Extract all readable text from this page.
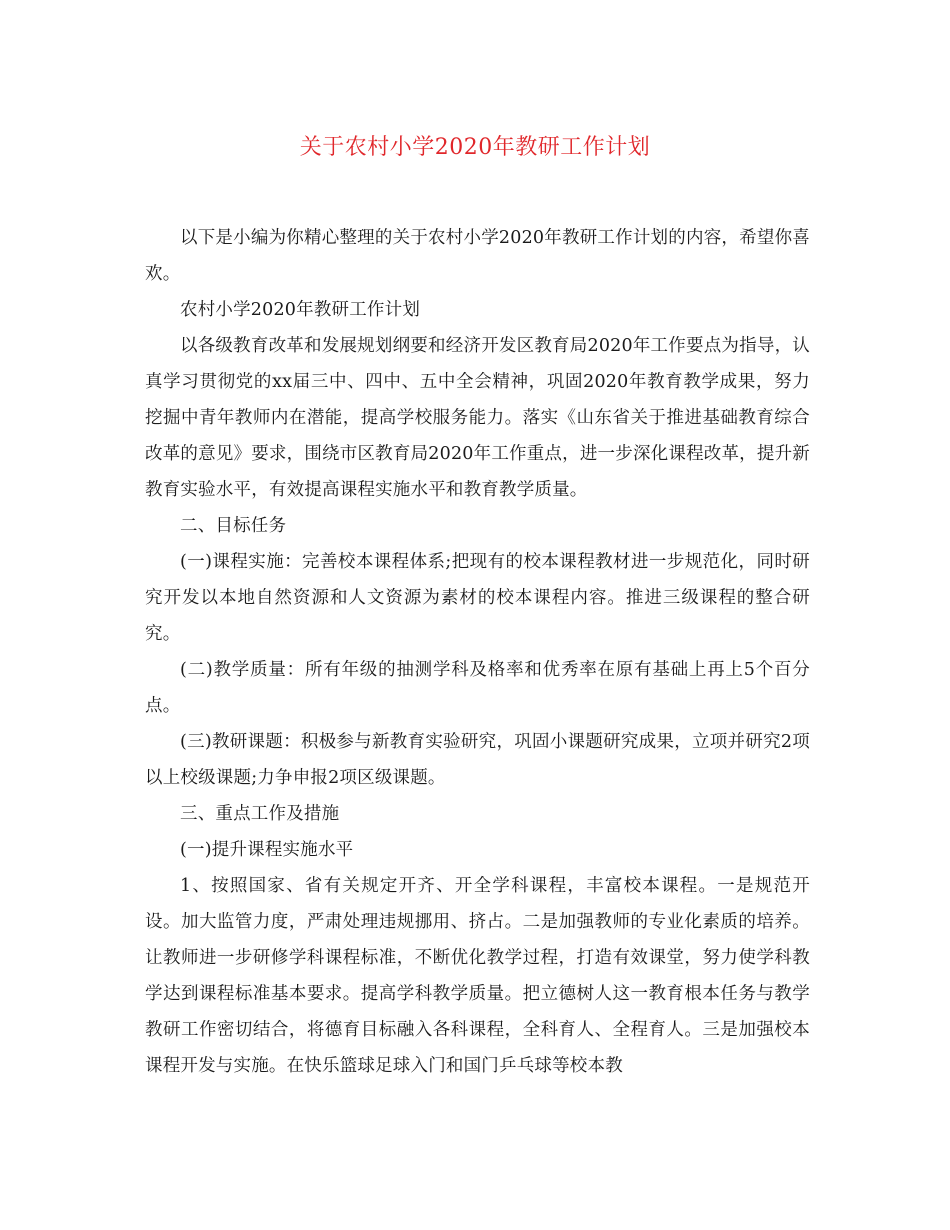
关于农村小学2020年教研工作计划

以下是小编为你精心整理的关于农村小学2020年教研工作计划的内容，希望你喜欢。

农村小学2020年教研工作计划

以各级教育改革和发展规划纲要和经济开发区教育局2020年工作要点为指导，认真学习贯彻党的xx届三中、四中、五中全会精神，巩固2020年教育教学成果，努力挖掘中青年教师内在潜能，提高学校服务能力。落实《山东省关于推进基础教育综合改革的意见》要求，围绕市区教育局2020年工作重点，进一步深化课程改革，提升新教育实验水平，有效提高课程实施水平和教育教学质量。

二、目标任务

(一)课程实施：完善校本课程体系;把现有的校本课程教材进一步规范化，同时研究开发以本地自然资源和人文资源为素材的校本课程内容。推进三级课程的整合研究。

(二)教学质量：所有年级的抽测学科及格率和优秀率在原有基础上再上5个百分点。

(三)教研课题：积极参与新教育实验研究，巩固小课题研究成果，立项并研究2项以上校级课题;力争申报2项区级课题。

三、重点工作及措施

(一)提升课程实施水平

1、按照国家、省有关规定开齐、开全学科课程，丰富校本课程。一是规范开设。加大监管力度，严肃处理违规挪用、挤占。二是加强教师的专业化素质的培养。让教师进一步研修学科课程标准，不断优化教学过程，打造有效课堂，努力使学科教学达到课程标准基本要求。提高学科教学质量。把立德树人这一教育根本任务与教学教研工作密切结合，将德育目标融入各科课程，全科育人、全程育人。三是加强校本课程开发与实施。在快乐篮球足球入门和国门乒乓球等校本教
